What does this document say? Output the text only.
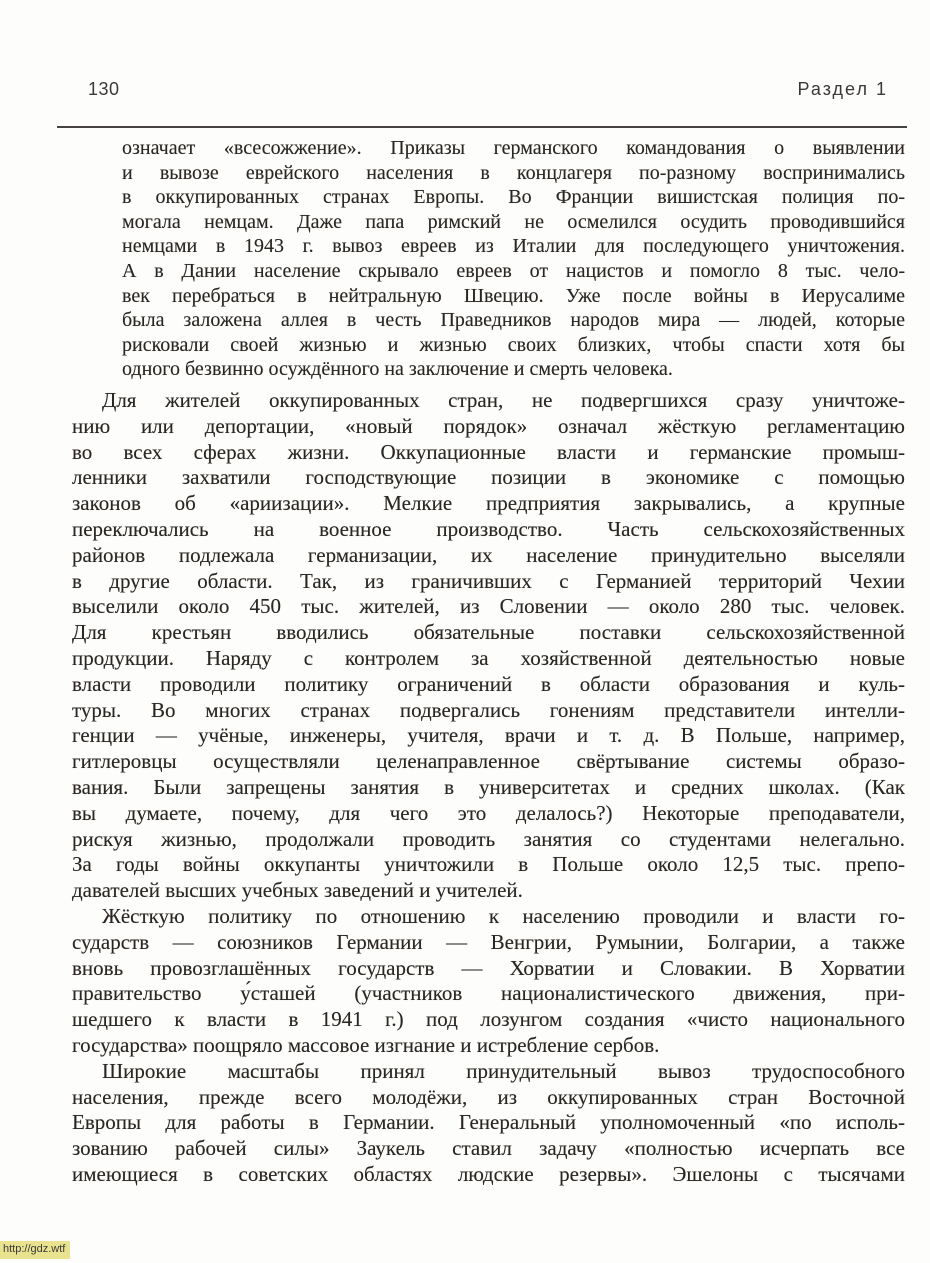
130	Раздел 1
означает «всесожжение». Приказы германского командования о выявлении
и вывозе еврейского населения в концлагеря по-разному воспринимались
в оккупированных странах Европы. Во Франции вишистская полиция по-
могала немцам. Даже папа римский не осмелился осудить проводившийся
немцами в 1943 г. вывоз евреев из Италии для последующего уничтожения.
А в Дании население скрывало евреев от нацистов и помогло 8 тыс. чело-
век перебраться в нейтральную Швецию. Уже после войны в Иерусалиме
была заложена аллея в честь Праведников народов мира — людей, которые
рисковали своей жизнью и жизнью своих близких, чтобы спасти хотя бы
одного безвинно осуждённого на заключение и смерть человека.
Для жителей оккупированных стран, не подвергшихся сразу уничтоже-
нию или депортации, «новый порядок» означал жёсткую регламентацию
во всех сферах жизни. Оккупационные власти и германские промыш-
ленники захватили господствующие позиции в экономике с помощью
законов об «ариизации». Мелкие предприятия закрывались, а крупные
переключались на военное производство. Часть сельскохозяйственных
районов подлежала германизации, их население принудительно выселяли
в другие области. Так, из граничивших с Германией территорий Чехии
выселили около 450 тыс. жителей, из Словении — около 280 тыс. человек.
Для крестьян вводились обязательные поставки сельскохозяйственной
продукции. Наряду с контролем за хозяйственной деятельностью новые
власти проводили политику ограничений в области образования и куль-
туры. Во многих странах подвергались гонениям представители интелли-
генции — учёные, инженеры, учителя, врачи и т. д. В Польше, например,
гитлеровцы осуществляли целенаправленное свёртывание системы образо-
вания. Были запрещены занятия в университетах и средних школах. (Как
вы думаете, почему, для чего это делалось?) Некоторые преподаватели,
рискуя жизнью, продолжали проводить занятия со студентами нелегально.
За годы войны оккупанты уничтожили в Польше около 12,5 тыс. препо-
давателей высших учебных заведений и учителей.
Жёсткую политику по отношению к населению проводили и власти го-
сударств — союзников Германии — Венгрии, Румынии, Болгарии, а также
вновь провозглашённых государств — Хорватии и Словакии. В Хорватии
правительство у́сташей (участников националистического движения, при-
шедшего к власти в 1941 г.) под лозунгом создания «чисто национального
государства» поощряло массовое изгнание и истребление сербов.
Широкие масштабы принял принудительный вывоз трудоспособного
населения, прежде всего молодёжи, из оккупированных стран Восточной
Европы для работы в Германии. Генеральный уполномоченный «по исполь-
зованию рабочей силы» Заукель ставил задачу «полностью исчерпать все
имеющиеся в советских областях людские резервы». Эшелоны с тысячами
http://gdz.wtf
